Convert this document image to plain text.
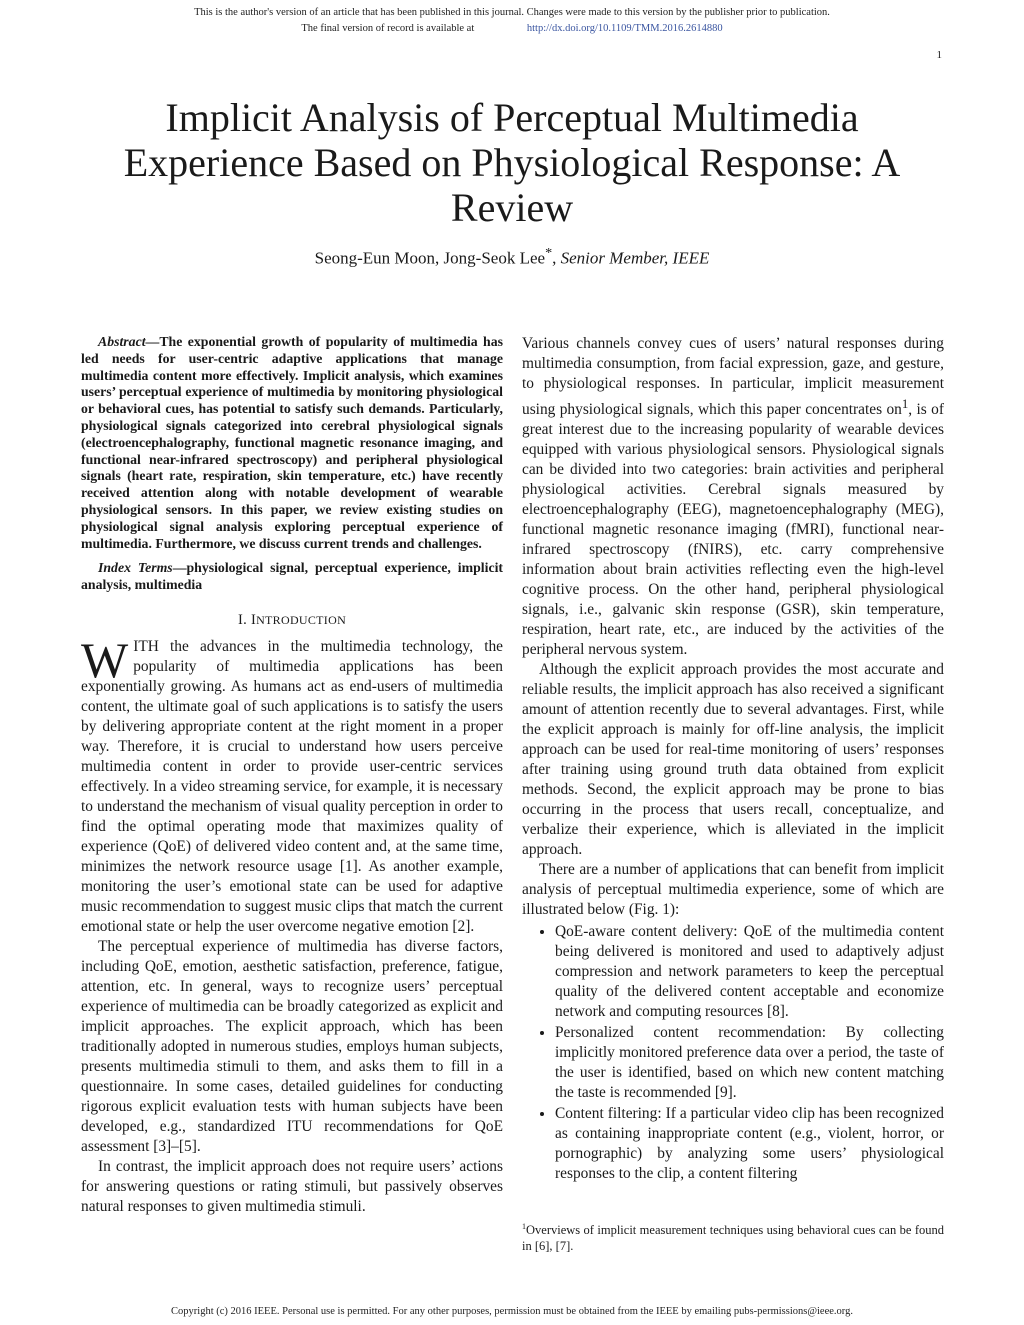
This is the author's version of an article that has been published in this journal. Changes were made to this version by the publisher prior to publication.
The final version of record is available at	http://dx.doi.org/10.1109/TMM.2016.2614880
1
Implicit Analysis of Perceptual Multimedia Experience Based on Physiological Response: A Review
Seong-Eun Moon, Jong-Seok Lee*, Senior Member, IEEE

Abstract—The exponential growth of popularity of multimedia has led needs for user-centric adaptive applications that manage multimedia content more effectively. Implicit analysis, which examines users’ perceptual experience of multimedia by monitoring physiological or behavioral cues, has potential to satisfy such demands. Particularly, physiological signals categorized into cerebral physiological signals (electroencephalography, functional magnetic resonance imaging, and functional near-infrared spectroscopy) and peripheral physiological signals (heart rate, respiration, skin temperature, etc.) have recently received attention along with notable development of wearable physiological sensors. In this paper, we review existing studies on physiological signal analysis exploring perceptual experience of multimedia. Furthermore, we discuss current trends and challenges.

Index Terms—physiological signal, perceptual experience, implicit analysis, multimedia

I. INTRODUCTION

WITH the advances in the multimedia technology, the popularity of multimedia applications has been exponentially growing. As humans act as end-users of multimedia content, the ultimate goal of such applications is to satisfy the users by delivering appropriate content at the right moment in a proper way. Therefore, it is crucial to understand how users perceive multimedia content in order to provide user-centric services effectively. In a video streaming service, for example, it is necessary to understand the mechanism of visual quality perception in order to find the optimal operating mode that maximizes quality of experience (QoE) of delivered video content and, at the same time, minimizes the network resource usage [1]. As another example, monitoring the user’s emotional state can be used for adaptive music recommendation to suggest music clips that match the current emotional state or help the user overcome negative emotion [2].

The perceptual experience of multimedia has diverse factors, including QoE, emotion, aesthetic satisfaction, preference, fatigue, attention, etc. In general, ways to recognize users’ perceptual experience of multimedia can be broadly categorized as explicit and implicit approaches. The explicit approach, which has been traditionally adopted in numerous studies, employs human subjects, presents multimedia stimuli to them, and asks them to fill in a questionnaire. In some cases, detailed guidelines for conducting rigorous explicit evaluation tests with human subjects have been developed, e.g., standardized ITU recommendations for QoE assessment [3]–[5].

In contrast, the implicit approach does not require users’ actions for answering questions or rating stimuli, but passively observes natural responses to given multimedia stimuli.

Various channels convey cues of users’ natural responses during multimedia consumption, from facial expression, gaze, and gesture, to physiological responses. In particular, implicit measurement using physiological signals, which this paper concentrates $on^1$, is of great interest due to the increasing popularity of wearable devices equipped with various physiological sensors. Physiological signals can be divided into two categories: brain activities and peripheral physiological activities. Cerebral signals measured by electroencephalography (EEG), magnetoencephalography (MEG), functional magnetic resonance imaging (fMRI), functional near-infrared spectroscopy (fNIRS), etc. carry comprehensive information about brain activities reflecting even the high-level cognitive process. On the other hand, peripheral physiological signals, i.e., galvanic skin response (GSR), skin temperature, respiration, heart rate, etc., are induced by the activities of the peripheral nervous system.

Although the explicit approach provides the most accurate and reliable results, the implicit approach has also received a significant amount of attention recently due to several advantages. First, while the explicit approach is mainly for off-line analysis, the implicit approach can be used for real-time monitoring of users’ responses after training using ground truth data obtained from explicit methods. Second, the explicit approach may be prone to bias occurring in the process that users recall, conceptualize, and verbalize their experience, which is alleviated in the implicit approach.

There are a number of applications that can benefit from implicit analysis of perceptual multimedia experience, some of which are illustrated below (Fig. 1):

• QoE-aware content delivery: QoE of the multimedia content being delivered is monitored and used to adaptively adjust compression and network parameters to keep the perceptual quality of the delivered content acceptable and economize network and computing resources [8].
• Personalized content recommendation: By collecting implicitly monitored preference data over a period, the taste of the user is identified, based on which new content matching the taste is recommended [9].
• Content filtering: If a particular video clip has been recognized as containing inappropriate content (e.g., violent, horror, or pornographic) by analyzing some users’ physiological responses to the clip, a content filtering
$^1$Overviews of implicit measurement techniques using behavioral cues can be found in [6], [7].
Copyright (c) 2016 IEEE. Personal use is permitted. For any other purposes, permission must be obtained from the IEEE by emailing pubs-permissions@ieee.org.
